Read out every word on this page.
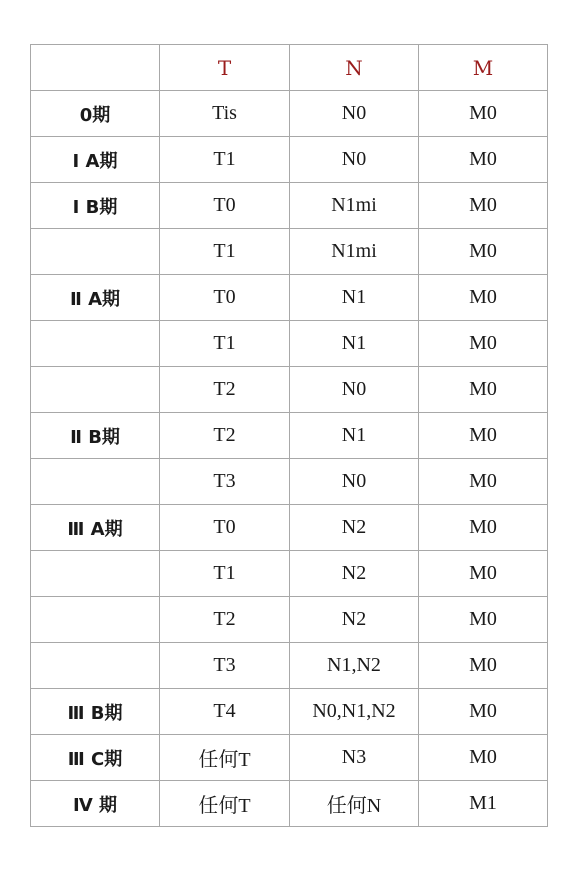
	T	N	M
0期	Tis	N0	M0
Ⅰ A期	T1	N0	M0
Ⅰ B期	T0	N1mi	M0
	T1	N1mi	M0
Ⅱ A期	T0	N1	M0
	T1	N1	M0
	T2	N0	M0
Ⅱ B期	T2	N1	M0
	T3	N0	M0
Ⅲ A期	T0	N2	M0
	T1	N2	M0
	T2	N2	M0
	T3	N1,N2	M0
Ⅲ B期	T4	N0,N1,N2	M0
Ⅲ C期	任何T	N3	M0
Ⅳ 期	任何T	任何N	M1
